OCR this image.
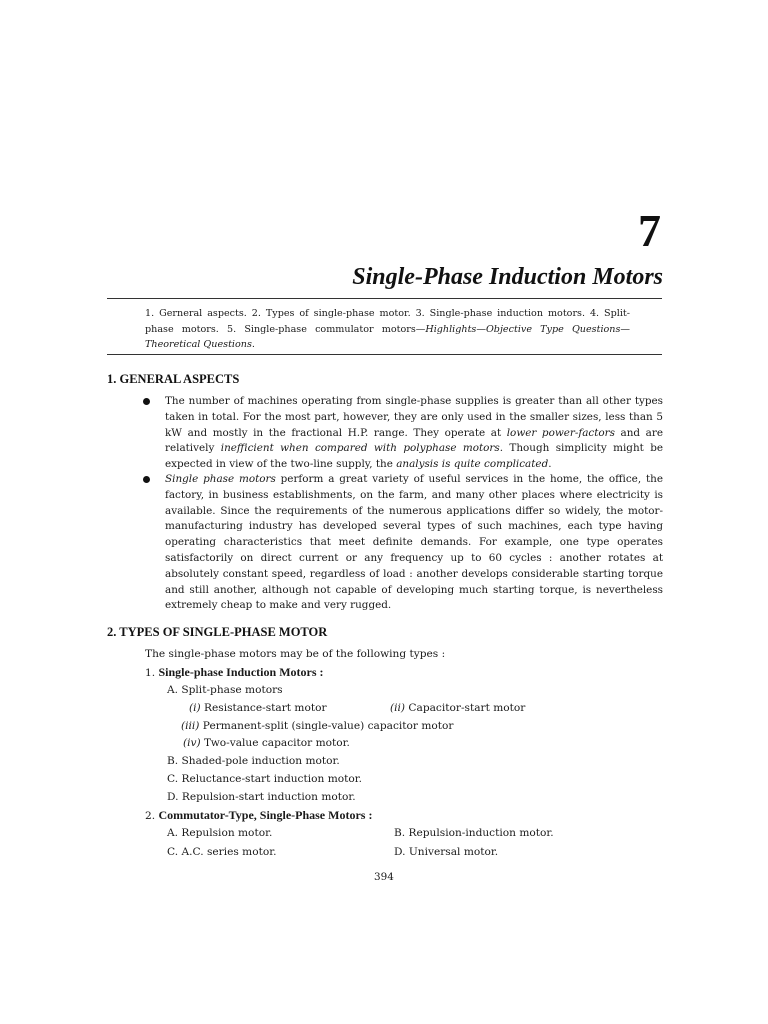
7
Single-Phase Induction Motors
1. Gerneral aspects. 2. Types of single-phase motor. 3. Single-phase induction motors. 4. Split-phase motors. 5. Single-phase commulator motors—Highlights—Objective Type Questions—Theoretical Questions.
1. GENERAL ASPECTS
The number of machines operating from single-phase supplies is greater than all other types taken in total. For the most part, however, they are only used in the smaller sizes, less than 5 kW and mostly in the fractional H.P. range. They operate at lower power-factors and are relatively inefficient when compared with polyphase motors. Though simplicity might be expected in view of the two-line supply, the analysis is quite complicated.
Single phase motors perform a great variety of useful services in the home, the office, the factory, in business establishments, on the farm, and many other places where electricity is available. Since the requirements of the numerous applications differ so widely, the motor-manufacturing industry has developed several types of such machines, each type having operating characteristics that meet definite demands. For example, one type operates satisfactorily on direct current or any frequency up to 60 cycles : another rotates at absolutely constant speed, regardless of load : another develops considerable starting torque and still another, although not capable of developing much starting torque, is nevertheless extremely cheap to make and very rugged.
2. TYPES OF SINGLE-PHASE MOTOR
The single-phase motors may be of the following types :
1. Single-phase Induction Motors :
A. Split-phase motors
(i) Resistance-start motor	(ii) Capacitor-start motor
(iii) Permanent-split (single-value) capacitor motor
(iv) Two-value capacitor motor.
B. Shaded-pole induction motor.
C. Reluctance-start induction motor.
D. Repulsion-start induction motor.
2. Commutator-Type, Single-Phase Motors :
A. Repulsion motor.	B. Repulsion-induction motor.
C. A.C. series motor.	D. Universal motor.
394
